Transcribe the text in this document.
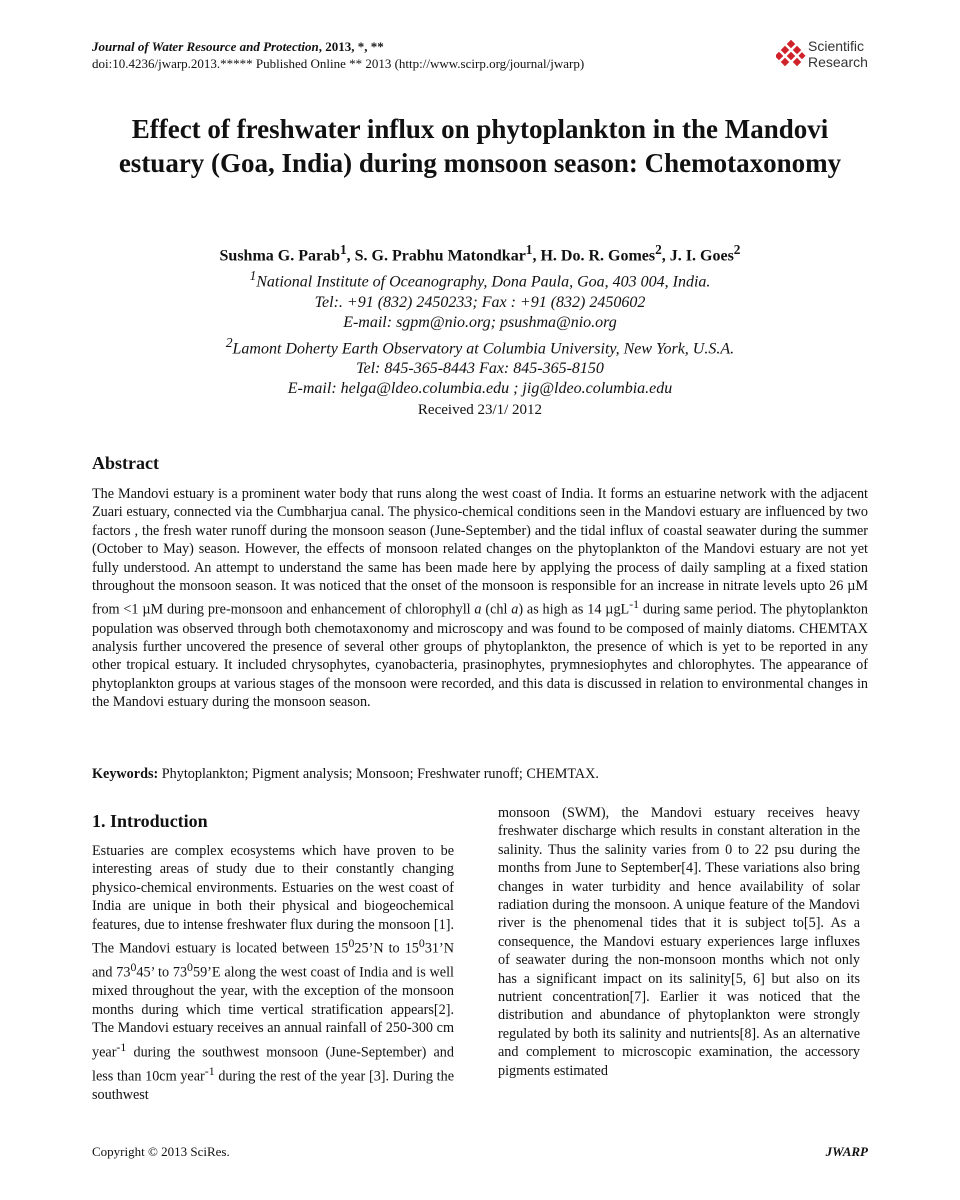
Journal of Water Resource and Protection, 2013, *, **
doi:10.4236/jwarp.2013.***** Published Online ** 2013 (http://www.scirp.org/journal/jwarp)
Scientific
Research
Effect of freshwater influx on phytoplankton in the Mandovi
estuary (Goa, India) during monsoon season: Chemotaxonomy
Sushma G. Parab$^1$, S. G. Prabhu Matondkar$^1$, H. Do. R. Gomes$^2$, J. I. Goes$^2$
$^1$National Institute of Oceanography, Dona Paula, Goa, 403 004, India.
Tel:. +91 (832) 2450233; Fax : +91 (832) 2450602
E-mail: sgpm@nio.org; psushma@nio.org
$^2$Lamont Doherty Earth Observatory at Columbia University, New York, U.S.A.
Tel: 845-365-8443 Fax: 845-365-8150
E-mail: helga@ldeo.columbia.edu ; jig@ldeo.columbia.edu
Received 23/1/ 2012
Abstract

The Mandovi estuary is a prominent water body that runs along the west coast of India. It forms an estuarine network with the adjacent Zuari estuary, connected via the Cumbharjua canal. The physico-chemical conditions seen in the Mandovi estuary are influenced by two factors , the fresh water runoff during the monsoon season (June-September) and the tidal influx of coastal seawater during the summer (October to May) season. However, the effects of monsoon related changes on the phytoplankton of the Mandovi estuary are not yet fully understood. An attempt to understand the same has been made here by applying the process of daily sampling at a fixed station throughout the monsoon season. It was noticed that the onset of the monsoon is responsible for an increase in nitrate levels upto 26 µM from <1 µM during pre-monsoon and enhancement of chlorophyll a (chl a) as high as 14 µgL$^{-1}$ during same period. The phytoplankton population was observed through both chemotaxonomy and microscopy and was found to be composed of mainly diatoms. CHEMTAX analysis further uncovered the presence of several other groups of phytoplankton, the presence of which is yet to be reported in any other tropical estuary. It included chrysophytes, cyanobacteria, prasinophytes, prymnesiophytes and chlorophytes. The appearance of phytoplankton groups at various stages of the monsoon were recorded, and this data is discussed in relation to environmental changes in the Mandovi estuary during the monsoon season.

Keywords: Phytoplankton; Pigment analysis; Monsoon; Freshwater runoff; CHEMTAX.

1. Introduction

Estuaries are complex ecosystems which have proven to be interesting areas of study due to their constantly changing physico-chemical environments. Estuaries on the west coast of India are unique in both their physical and biogeochemical features, due to intense freshwater flux during the monsoon [1]. The Mandovi estuary is located between $15^025’N$ to $15^031’N$ and $73^045$’ to $73^059’E$ along the west coast of India and is well mixed throughout the year, with the exception of the monsoon months during which time vertical stratification appears[2]. The Mandovi estuary receives an annual rainfall of 250-300 cm year$^{-1}$ during the southwest monsoon (June-September) and less than 10cm year$^{-1}$ during the rest of the year [3]. During the southwest

monsoon (SWM), the Mandovi estuary receives heavy freshwater discharge which results in constant alteration in the salinity. Thus the salinity varies from 0 to 22 psu during the months from June to September[4]. These variations also bring changes in water turbidity and hence availability of solar radiation during the monsoon. A unique feature of the Mandovi river is the phenomenal tides that it is subject to[5]. As a consequence, the Mandovi estuary experiences large influxes of seawater during the non-monsoon months which not only has a significant impact on its salinity[5, 6] but also on its nutrient concentration[7]. Earlier it was noticed that the distribution and abundance of phytoplankton were strongly regulated by both its salinity and nutrients[8]. As an alternative and complement to microscopic examination, the accessory pigments estimated

Copyright © 2013 SciRes.	JWARP
